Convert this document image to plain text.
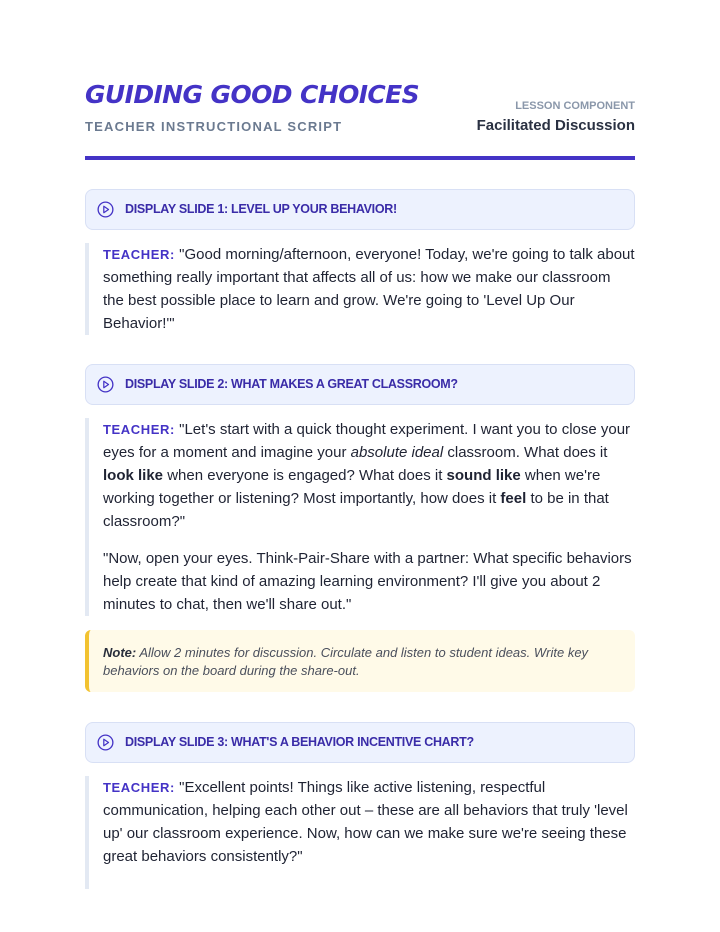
GUIDING GOOD CHOICES
TEACHER INSTRUCTIONAL SCRIPT
LESSON COMPONENT
Facilitated Discussion
DISPLAY SLIDE 1: LEVEL UP YOUR BEHAVIOR!

TEACHER: "Good morning/afternoon, everyone! Today, we're going to talk about something really important that affects all of us: how we make our classroom the best possible place to learn and grow. We're going to 'Level Up Our Behavior!'"

DISPLAY SLIDE 2: WHAT MAKES A GREAT CLASSROOM?

TEACHER: "Let's start with a quick thought experiment. I want you to close your eyes for a moment and imagine your absolute ideal classroom. What does it look like when everyone is engaged? What does it sound like when we're working together or listening? Most importantly, how does it feel to be in that classroom?"

"Now, open your eyes. Think-Pair-Share with a partner: What specific behaviors help create that kind of amazing learning environment? I'll give you about 2 minutes to chat, then we'll share out."

Note: Allow 2 minutes for discussion. Circulate and listen to student ideas. Write key behaviors on the board during the share-out.
DISPLAY SLIDE 3: WHAT'S A BEHAVIOR INCENTIVE CHART?

TEACHER: "Excellent points! Things like active listening, respectful communication, helping each other out – these are all behaviors that truly 'level up' our classroom experience. Now, how can we make sure we're seeing these great behaviors consistently?"
